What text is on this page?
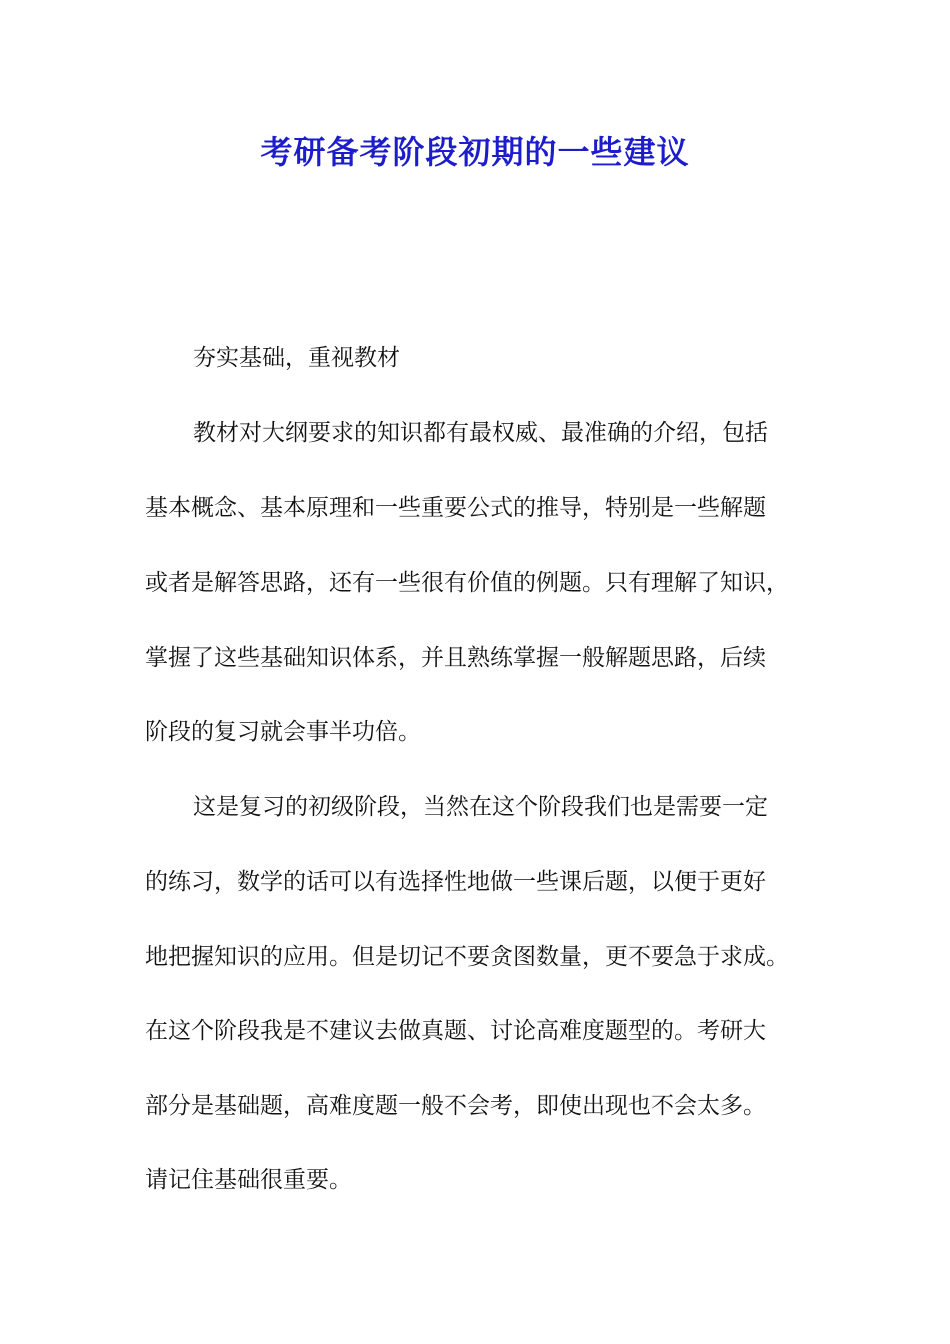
考研备考阶段初期的一些建议
夯实基础，重视教材
教材对大纲要求的知识都有最权威、最准确的介绍，包括
基本概念、基本原理和一些重要公式的推导，特别是一些解题
或者是解答思路，还有一些很有价值的例题。只有理解了知识，
掌握了这些基础知识体系，并且熟练掌握一般解题思路，后续
阶段的复习就会事半功倍。
这是复习的初级阶段，当然在这个阶段我们也是需要一定
的练习，数学的话可以有选择性地做一些课后题，以便于更好
地把握知识的应用。但是切记不要贪图数量，更不要急于求成。
在这个阶段我是不建议去做真题、讨论高难度题型的。考研大
部分是基础题，高难度题一般不会考，即使出现也不会太多。
请记住基础很重要。
